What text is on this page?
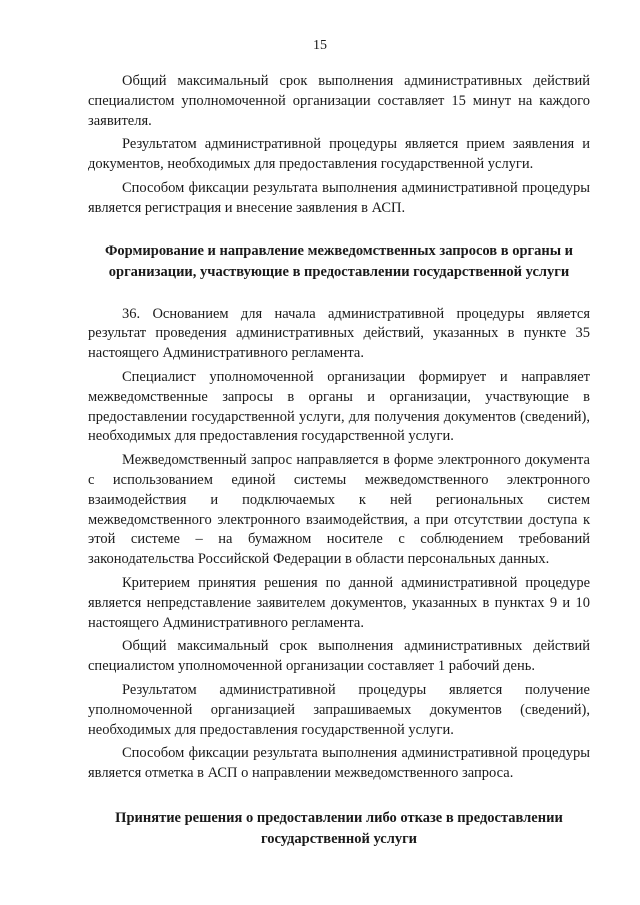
15

Общий максимальный срок выполнения административных действий специалистом уполномоченной организации составляет 15 минут на каждого заявителя.

Результатом административной процедуры является прием заявления и документов, необходимых для предоставления государственной услуги.

Способом фиксации результата выполнения административной процедуры является регистрация и внесение заявления в АСП.

Формирование и направление межведомственных запросов в органы и организации, участвующие в предоставлении государственной услуги

36. Основанием для начала административной процедуры является результат проведения административных действий, указанных в пункте 35 настоящего Административного регламента.

Специалист уполномоченной организации формирует и направляет межведомственные запросы в органы и организации, участвующие в предоставлении государственной услуги, для получения документов (сведений), необходимых для предоставления государственной услуги.

Межведомственный запрос направляется в форме электронного документа с использованием единой системы межведомственного электронного взаимодействия и подключаемых к ней региональных систем межведомственного электронного взаимодействия, а при отсутствии доступа к этой системе – на бумажном носителе с соблюдением требований законодательства Российской Федерации в области персональных данных.

Критерием принятия решения по данной административной процедуре является непредставление заявителем документов, указанных в пунктах 9 и 10 настоящего Административного регламента.

Общий максимальный срок выполнения административных действий специалистом уполномоченной организации составляет 1 рабочий день.

Результатом административной процедуры является получение уполномоченной организацией запрашиваемых документов (сведений), необходимых для предоставления государственной услуги.

Способом фиксации результата выполнения административной процедуры является отметка в АСП о направлении межведомственного запроса.

Принятие решения о предоставлении либо отказе в предоставлении государственной услуги
